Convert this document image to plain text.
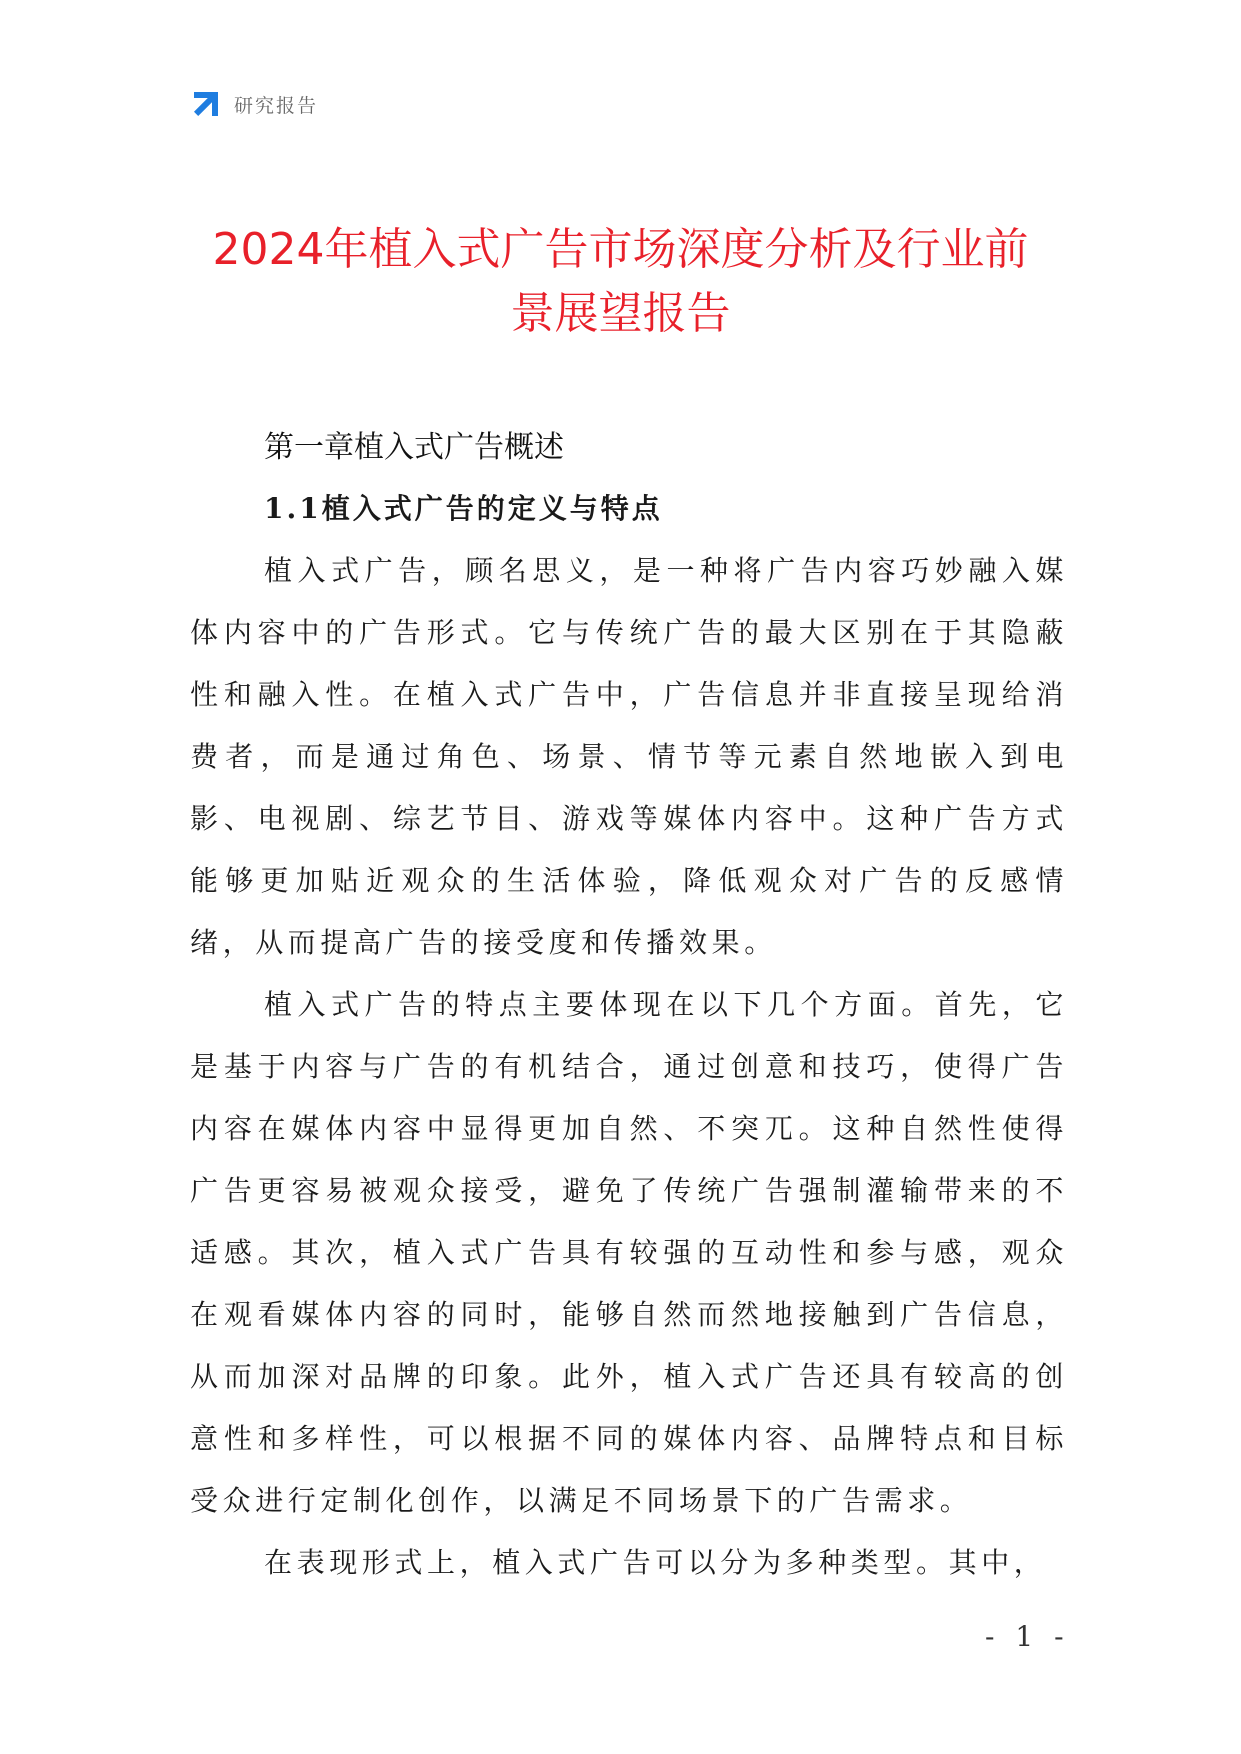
研究报告
2024年植入式广告市场深度分析及行业前
景展望报告
第一章植入式广告概述
1.1植入式广告的定义与特点

植入式广告，顾名思义，是一种将广告内容巧妙融入媒体内容中的广告形式。它与传统广告的最大区别在于其隐蔽性和融入性。在植入式广告中，广告信息并非直接呈现给消费者，而是通过角色、场景、情节等元素自然地嵌入到电影、电视剧、综艺节目、游戏等媒体内容中。这种广告方式能够更加贴近观众的生活体验，降低观众对广告的反感情绪，从而提高广告的接受度和传播效果。

植入式广告的特点主要体现在以下几个方面。首先，它是基于内容与广告的有机结合，通过创意和技巧，使得广告内容在媒体内容中显得更加自然、不突兀。这种自然性使得广告更容易被观众接受，避免了传统广告强制灌输带来的不适感。其次，植入式广告具有较强的互动性和参与感，观众在观看媒体内容的同时，能够自然而然地接触到广告信息，从而加深对品牌的印象。此外，植入式广告还具有较高的创意性和多样性，可以根据不同的媒体内容、品牌特点和目标受众进行定制化创作，以满足不同场景下的广告需求。

在表现形式上，植入式广告可以分为多种类型。其中，

- 1 -
